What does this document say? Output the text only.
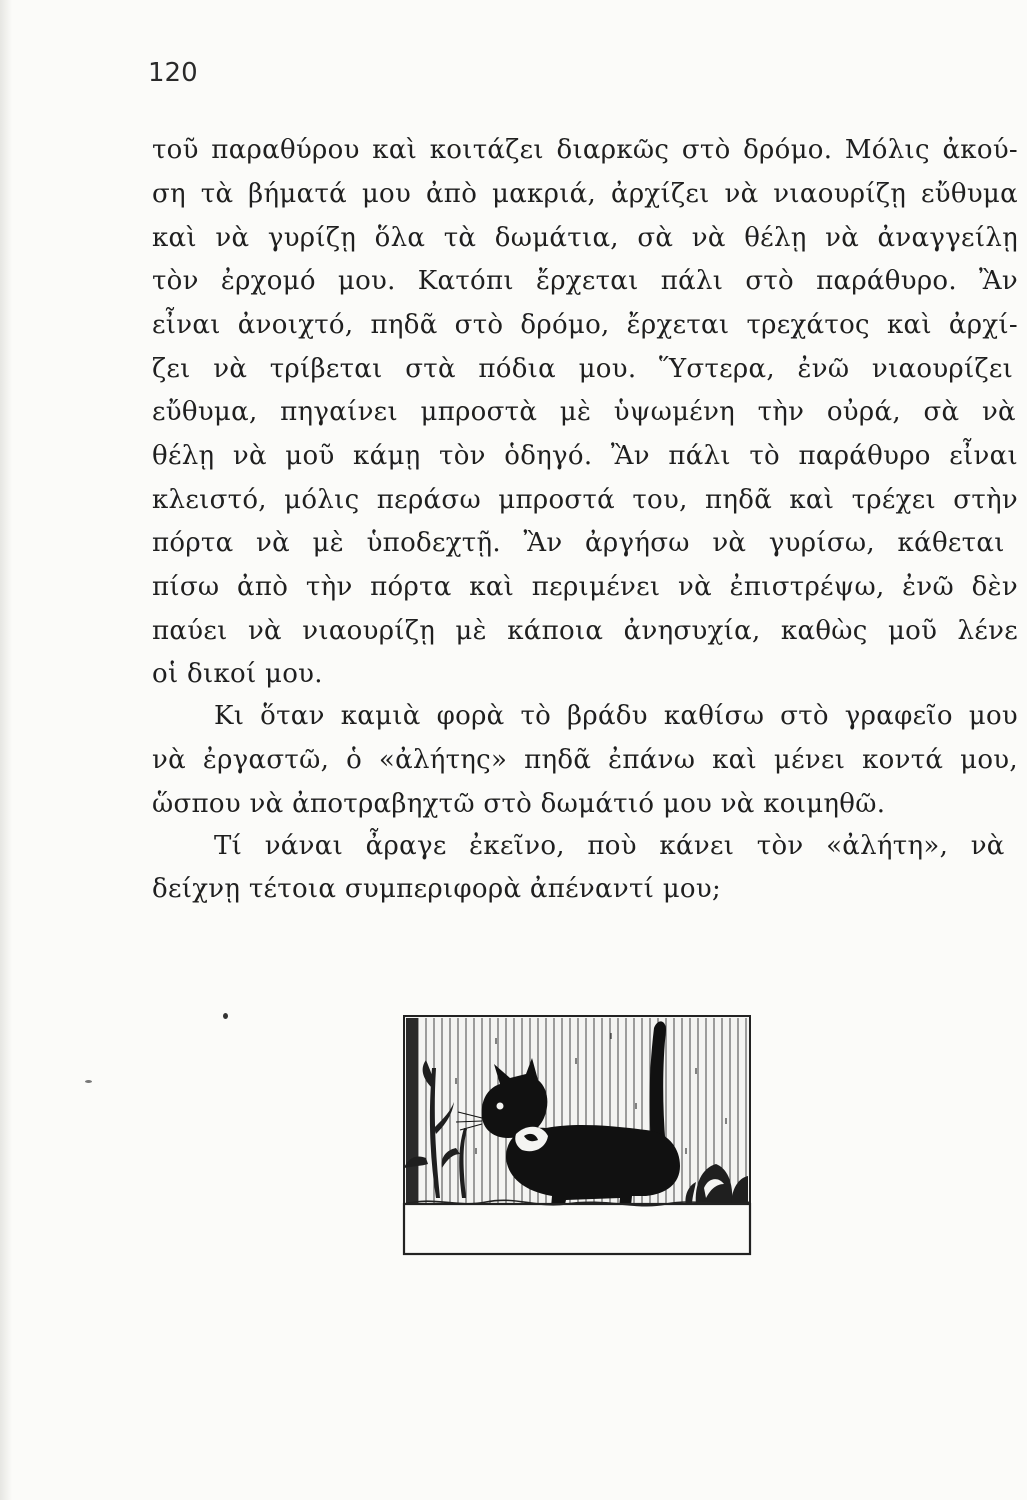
120
τοῦ παραθύρου καὶ κοιτάζει διαρκῶς στὸ δρόμο. Μόλις ἀκού-
ση τὰ βήματά μου ἀπὸ μακριά, ἀρχίζει νὰ νιαουρίζῃ εὔθυμα
καὶ νὰ γυρίζῃ ὅλα τὰ δωμάτια, σὰ νὰ θέλῃ νὰ ἀναγγείλῃ
τὸν ἐρχομό μου. Κατόπι ἔρχεται πάλι στὸ παράθυρο. Ἂν
εἶναι ἀνοιχτό, πηδᾶ στὸ δρόμο, ἔρχεται τρεχάτος καὶ ἀρχί-
ζει νὰ τρίβεται στὰ πόδια μου. Ὕστερα, ἐνῶ νιαουρίζει
εὔθυμα, πηγαίνει μπροστὰ μὲ ὑψωμένη τὴν οὐρά, σὰ νὰ
θέλῃ νὰ μοῦ κάμῃ τὸν ὁδηγό. Ἂν πάλι τὸ παράθυρο εἶναι
κλειστό, μόλις περάσω μπροστά του, πηδᾶ καὶ τρέχει στὴν
πόρτα νὰ μὲ ὑποδεχτῇ. Ἂν ἀργήσω νὰ γυρίσω, κάθεται
πίσω ἀπὸ τὴν πόρτα καὶ περιμένει νὰ ἐπιστρέψω, ἐνῶ δὲν
παύει νὰ νιαουρίζῃ μὲ κάποια ἀνησυχία, καθὼς μοῦ λένε
οἱ δικοί μου.
Κι ὅταν καμιὰ φορὰ τὸ βράδυ καθίσω στὸ γραφεῖο μου
νὰ ἐργαστῶ, ὁ «ἀλήτης» πηδᾶ ἐπάνω καὶ μένει κοντά μου,
ὥσπου νὰ ἀποτραβηχτῶ στὸ δωμάτιό μου νὰ κοιμηθῶ.
Τί νάναι ἆραγε ἐκεῖνο, ποὺ κάνει τὸν «ἀλήτη», νὰ
δείχνῃ τέτοια συμπεριφορὰ ἀπέναντί μου;
